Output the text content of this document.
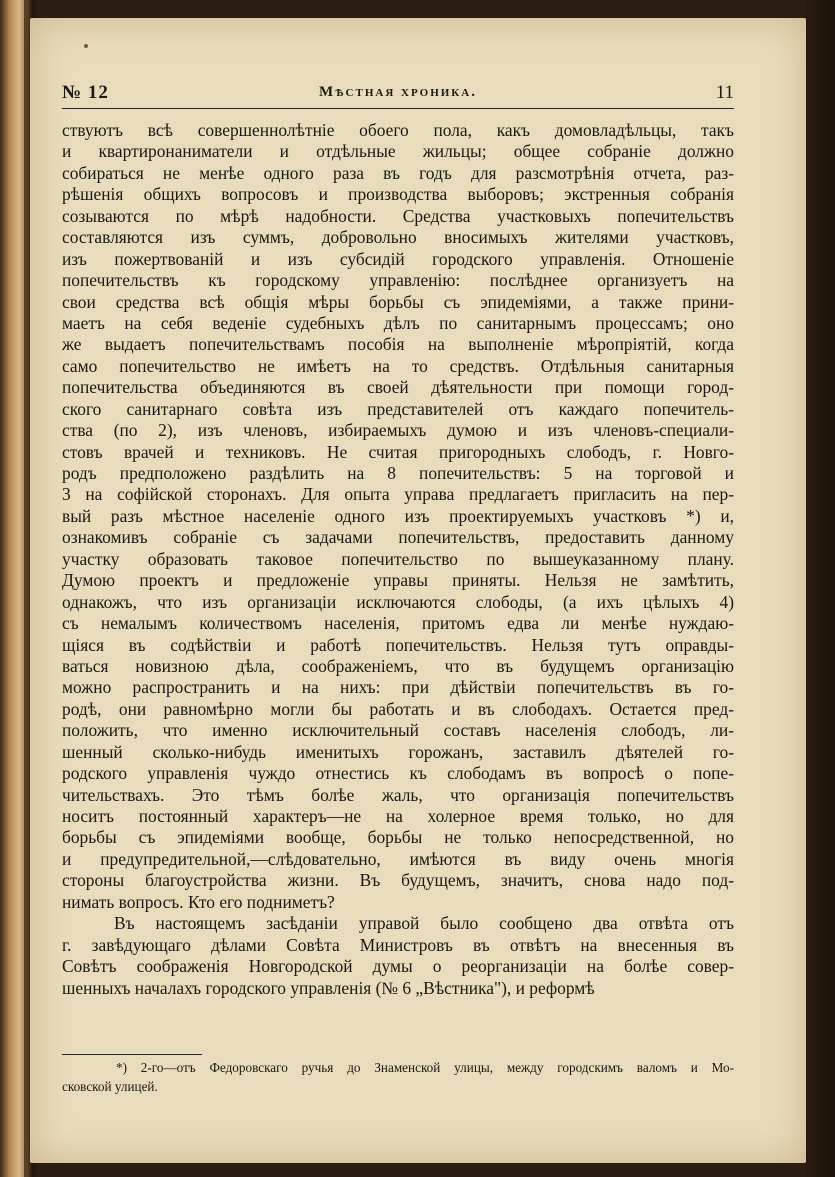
№ 12	Мѣстная хроника.	11
ствуютъ всѣ совершеннолѣтніе обоего пола, какъ домовладѣльцы, такъ
и квартиронаниматели и отдѣльные жильцы; общее собраніе должно
собираться не менѣе одного раза въ годъ для разсмотрѣнія отчета, раз-
рѣшенія общихъ вопросовъ и производства выборовъ; экстренныя собранія
созываются по мѣрѣ надобности. Средства участковыхъ попечительствъ
составляются изъ суммъ, добровольно вносимыхъ жителями участковъ,
изъ пожертвованій и изъ субсидій городского управленія. Отношеніе
попечительствъ къ городскому управленію: послѣднее организуетъ на
свои средства всѣ общія мѣры борьбы съ эпидеміями, а также прини-
маетъ на себя веденіе судебныхъ дѣлъ по санитарнымъ процессамъ; оно
же выдаетъ попечительствамъ пособія на выполненіе мѣропріятій, когда
само попечительство не имѣетъ на то средствъ. Отдѣльныя санитарныя
попечительства объединяются въ своей дѣятельности при помощи город-
ского санитарнаго совѣта изъ представителей отъ каждаго попечитель-
ства (по 2), изъ членовъ, избираемыхъ думою и изъ членовъ-специали-
стовъ врачей и техниковъ. Не считая пригородныхъ слободъ, г. Новго-
родъ предположено раздѣлить на 8 попечительствъ: 5 на торговой и
3 на софійской сторонахъ. Для опыта управа предлагаетъ пригласить на пер-
вый разъ мѣстное населеніе одного изъ проектируемыхъ участковъ *) и,
ознакомивъ собраніе съ задачами попечительствъ, предоставить данному
участку образовать таковое попечительство по вышеуказанному плану.
Думою проектъ и предложеніе управы приняты. Нельзя не замѣтить,
однакожъ, что изъ организаціи исключаются слободы, (а ихъ цѣлыхъ 4)
съ немалымъ количествомъ населенія, притомъ едва ли менѣе нуждаю-
щіяся въ содѣйствіи и работѣ попечительствъ. Нельзя тутъ оправды-
ваться новизною дѣла, соображеніемъ, что въ будущемъ организацію
можно распространить и на нихъ: при дѣйствіи попечительствъ въ го-
родѣ, они равномѣрно могли бы работать и въ слободахъ. Остается пред-
положить, что именно исключительный составъ населенія слободъ, ли-
шенный сколько-нибудь именитыхъ горожанъ, заставилъ дѣятелей го-
родского управленія чуждо отнестись къ слободамъ въ вопросѣ о попе-
чительствахъ. Это тѣмъ болѣе жаль, что организація попечительствъ
носитъ постоянный характеръ—не на холерное время только, но для
борьбы съ эпидеміями вообще, борьбы не только непосредственной, но
и предупредительной,—слѣдовательно, имѣются въ виду очень многія
стороны благоустройства жизни. Въ будущемъ, значитъ, снова надо под-
нимать вопросъ. Кто его подниметъ?
Въ настоящемъ засѣданіи управой было сообщено два отвѣта отъ
г. завѣдующаго дѣлами Совѣта Министровъ въ отвѣтъ на внесенныя въ
Совѣтъ соображенія Новгородской думы о реорганизаціи на болѣе совер-
шенныхъ началахъ городского управленія (№ 6 „Вѣстника"), и реформѣ
*) 2-го—отъ Федоровскаго ручья до Знаменской улицы, между городскимъ валомъ и Мо-
сковской улицей.
